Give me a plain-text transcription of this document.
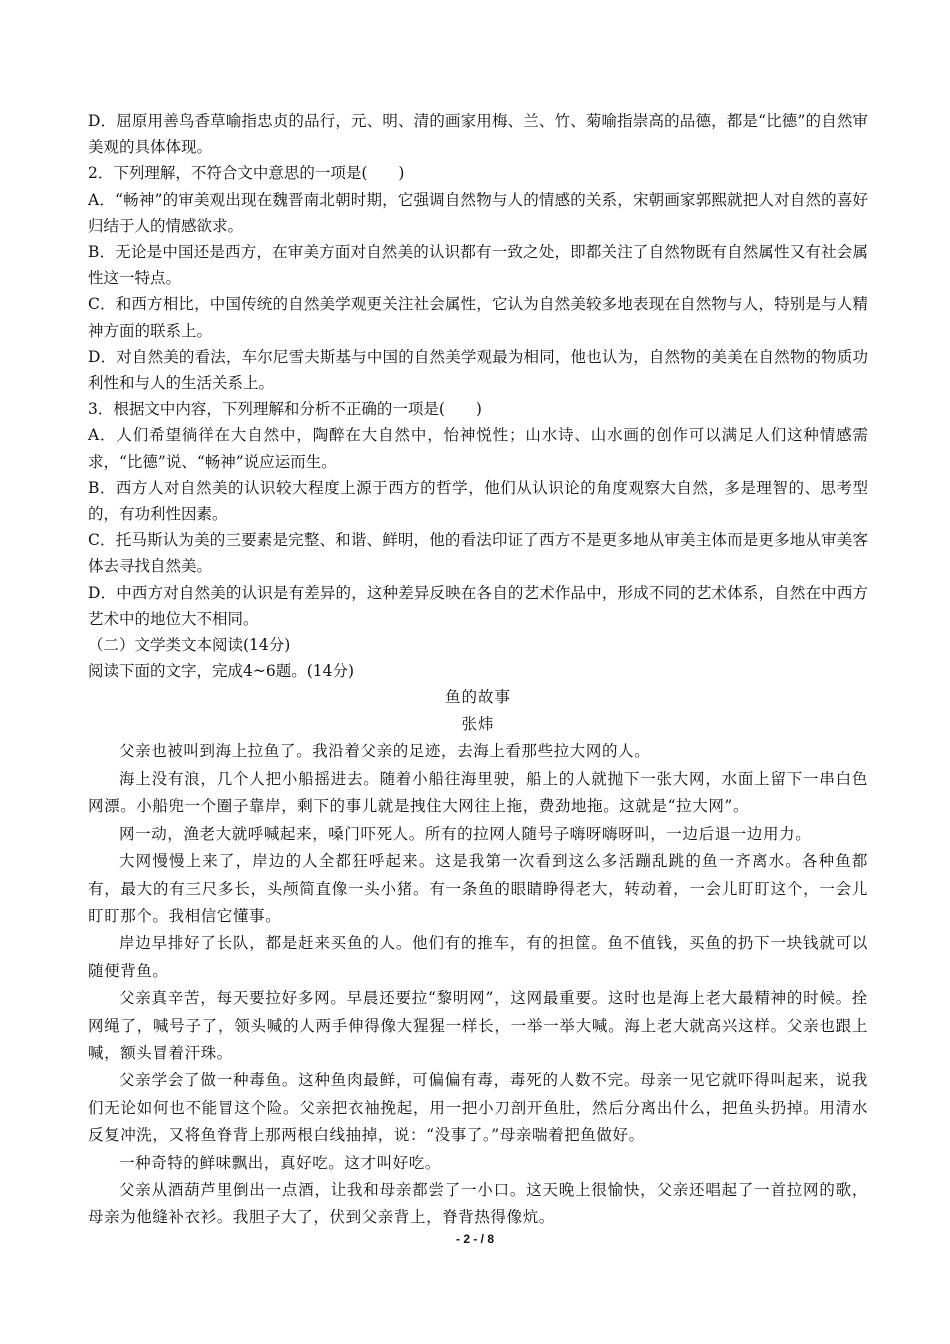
D．屈原用善鸟香草喻指忠贞的品行，元、明、清的画家用梅、兰、竹、菊喻指崇高的品德，都是“比德”的自然审美观的具体体现。

2．下列理解，不符合文中意思的一项是(　　)

A．“畅神”的审美观出现在魏晋南北朝时期，它强调自然物与人的情感的关系，宋朝画家郭熙就把人对自然的喜好归结于人的情感欲求。

B．无论是中国还是西方，在审美方面对自然美的认识都有一致之处，即都关注了自然物既有自然属性又有社会属性这一特点。

C．和西方相比，中国传统的自然美学观更关注社会属性，它认为自然美较多地表现在自然物与人，特别是与人精神方面的联系上。

D．对自然美的看法，车尔尼雪夫斯基与中国的自然美学观最为相同，他也认为，自然物的美美在自然物的物质功利性和与人的生活关系上。

3．根据文中内容，下列理解和分析不正确的一项是(　　)

A．人们希望徜徉在大自然中，陶醉在大自然中，怡神悦性；山水诗、山水画的创作可以满足人们这种情感需求，“比德”说、“畅神”说应运而生。

B．西方人对自然美的认识较大程度上源于西方的哲学，他们从认识论的角度观察大自然，多是理智的、思考型的，有功利性因素。

C．托马斯认为美的三要素是完整、和谐、鲜明，他的看法印证了西方不是更多地从审美主体而是更多地从审美客体去寻找自然美。

D．中西方对自然美的认识是有差异的，这种差异反映在各自的艺术作品中，形成不同的艺术体系，自然在中西方艺术中的地位大不相同。

（二）文学类文本阅读(14分)

阅读下面的文字，完成4~6题。(14分)

鱼的故事

张炜

父亲也被叫到海上拉鱼了。我沿着父亲的足迹，去海上看那些拉大网的人。

海上没有浪，几个人把小船摇进去。随着小船往海里驶，船上的人就抛下一张大网，水面上留下一串白色网漂。小船兜一个圈子靠岸，剩下的事儿就是拽住大网往上拖，费劲地拖。这就是“拉大网”。

网一动，渔老大就呼喊起来，嗓门吓死人。所有的拉网人随号子嗨呀嗨呀叫，一边后退一边用力。

大网慢慢上来了，岸边的人全都狂呼起来。这是我第一次看到这么多活蹦乱跳的鱼一齐离水。各种鱼都有，最大的有三尺多长，头颅简直像一头小猪。有一条鱼的眼睛睁得老大，转动着，一会儿盯盯这个，一会儿盯盯那个。我相信它懂事。

岸边早排好了长队，都是赶来买鱼的人。他们有的推车，有的担筐。鱼不值钱，买鱼的扔下一块钱就可以随便背鱼。

父亲真辛苦，每天要拉好多网。早晨还要拉“黎明网”，这网最重要。这时也是海上老大最精神的时候。拴网绳了，喊号子了，领头喊的人两手伸得像大猩猩一样长，一举一举大喊。海上老大就高兴这样。父亲也跟上喊，额头冒着汗珠。

父亲学会了做一种毒鱼。这种鱼肉最鲜，可偏偏有毒，毒死的人数不完。母亲一见它就吓得叫起来，说我们无论如何也不能冒这个险。父亲把衣袖挽起，用一把小刀剖开鱼肚，然后分离出什么，把鱼头扔掉。用清水反复冲洗，又将鱼脊背上那两根白线抽掉，说：“没事了。”母亲喘着把鱼做好。

一种奇特的鲜味飘出，真好吃。这才叫好吃。

父亲从酒葫芦里倒出一点酒，让我和母亲都尝了一小口。这天晚上很愉快，父亲还唱起了一首拉网的歌，母亲为他缝补衣衫。我胆子大了，伏到父亲背上，脊背热得像炕。

- 2 - / 8
